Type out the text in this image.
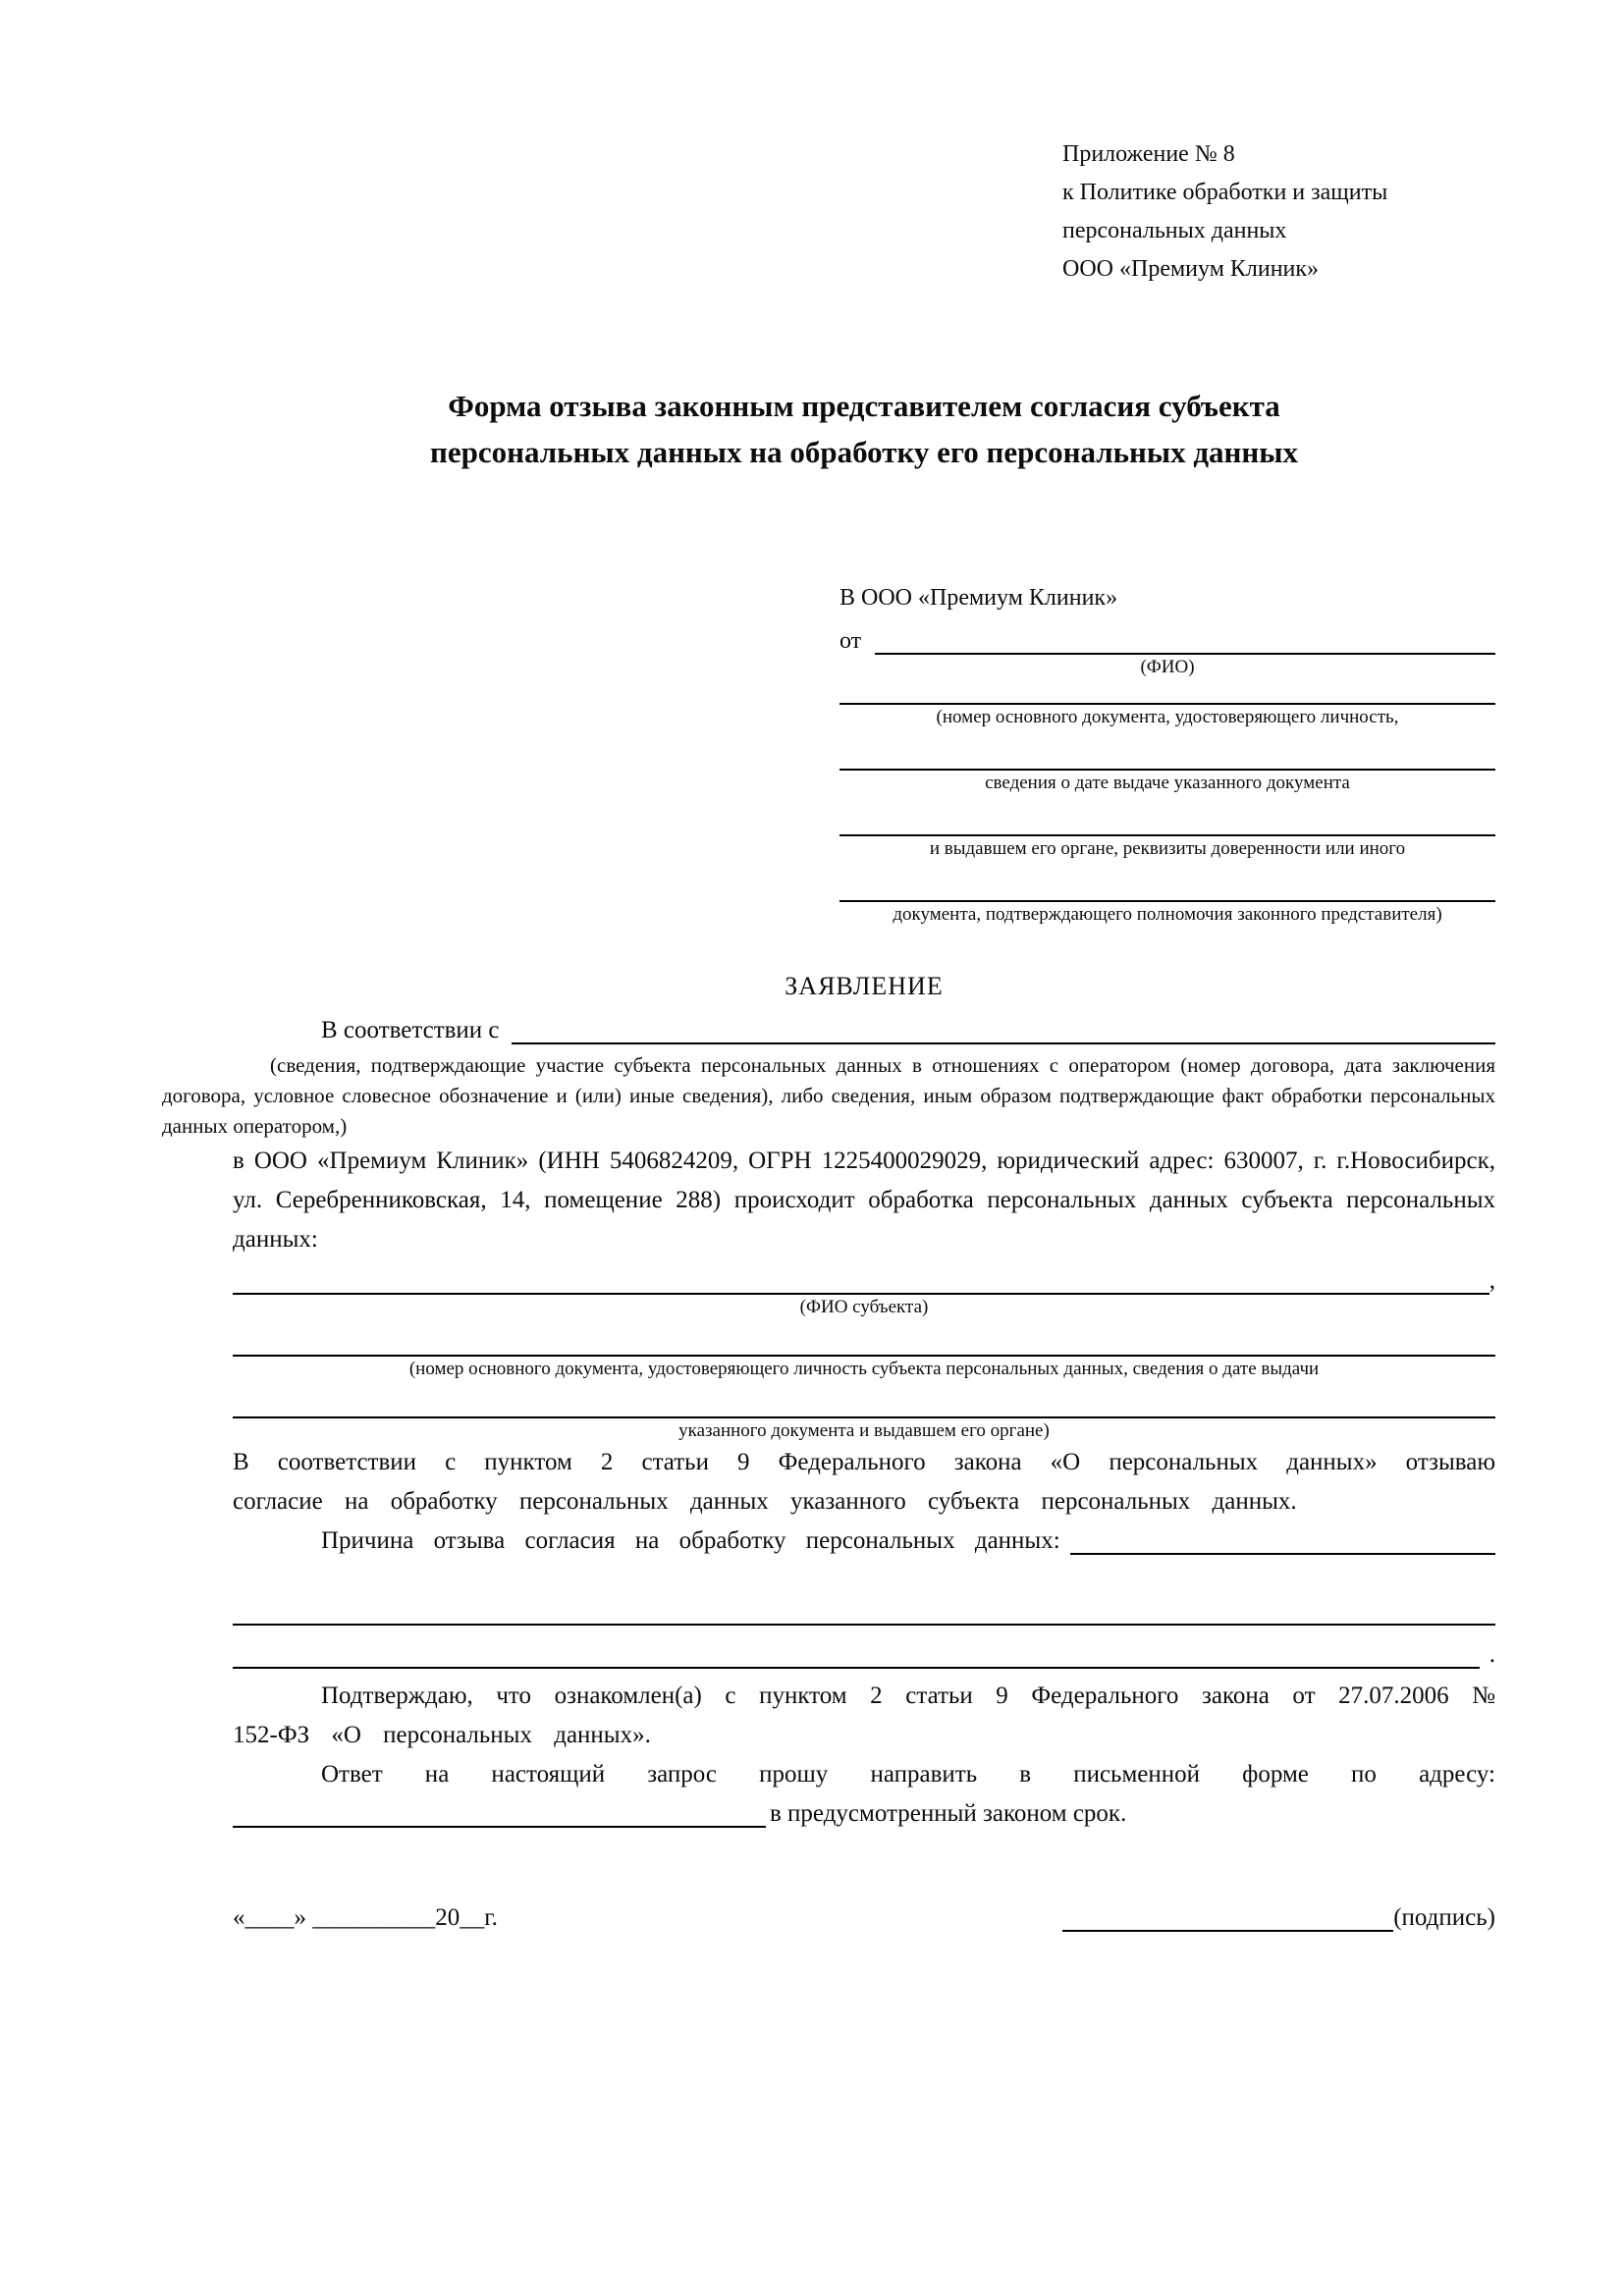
Приложение № 8
к Политике обработки и защиты
персональных данных
ООО «Премиум Клиник»
Форма отзыва законным представителем согласия субъекта
персональных данных на обработку его персональных данных
В ООО «Премиум Клиник»
от
(ФИО)
(номер основного документа, удостоверяющего личность,
сведения о дате выдаче указанного документа
и выдавшем его органе, реквизиты доверенности или иного
документа, подтверждающего полномочия законного представителя)
ЗАЯВЛЕНИЕ
В соответствии с
(сведения, подтверждающие участие субъекта персональных данных в отношениях с оператором (номер договора, дата заключения договора, условное словесное обозначение и (или) иные сведения), либо сведения, иным образом подтверждающие факт обработки персональных данных оператором,)
в ООО «Премиум Клиник» (ИНН 5406824209, ОГРН 1225400029029, юридический адрес: 630007, г. г.Новосибирск, ул. Серебренниковская, 14, помещение 288) происходит обработка персональных данных субъекта персональных данных:
,
(ФИО субъекта)
(номер основного документа, удостоверяющего личность субъекта персональных данных, сведения о дате выдачи
указанного документа и выдавшем его органе)
В соответствии с пунктом 2 статьи 9 Федерального закона «О персональных данных» отзываю согласие на обработку персональных данных указанного субъекта персональных данных.
Причина отзыва согласия на обработку персональных данных:
.
Подтверждаю, что ознакомлен(а) с пунктом 2 статьи 9 Федерального закона от 27.07.2006 № 152-ФЗ «О персональных данных».
Ответ на настоящий запрос прошу направить в письменной форме по адресу:
в предусмотренный законом срок.
«____» __________20__г.	(подпись)
